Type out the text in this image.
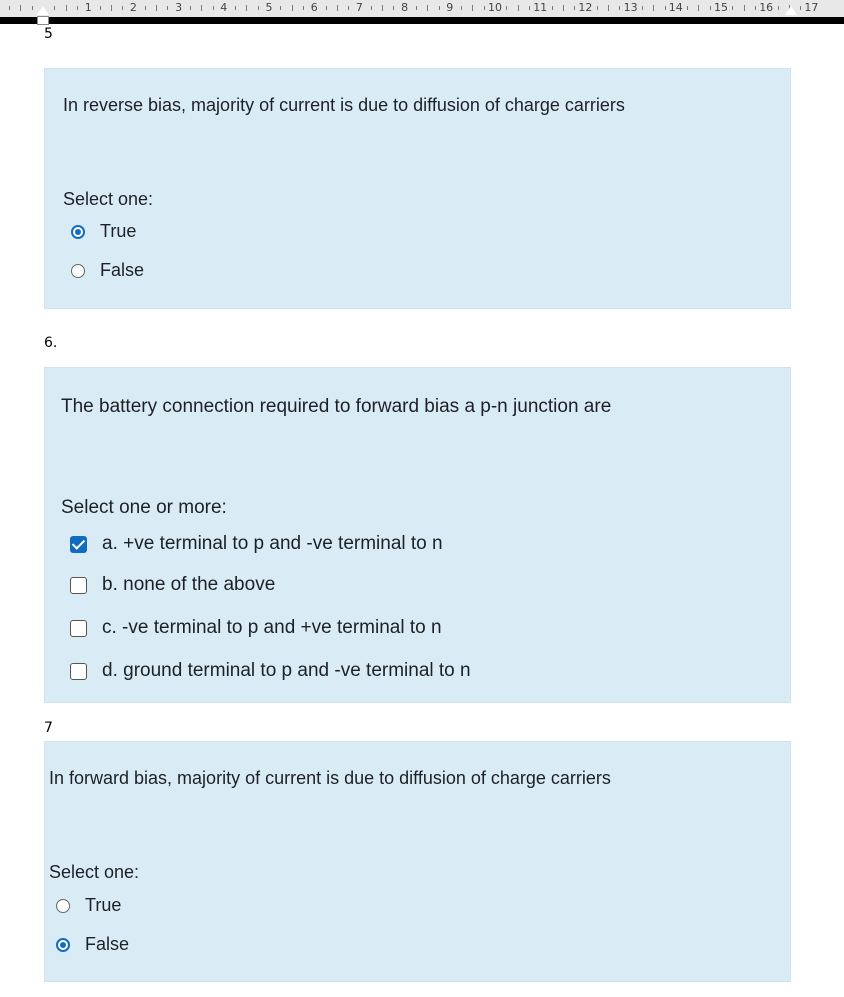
1	2	3	4	5	6	7	8	9	10	11	12	13	14	15	16	17
5
In reverse bias, majority of current is due to diffusion of charge carriers
Select one:
True
False
6.
The battery connection required to forward bias a p-n junction are
Select one or more:
a. +ve terminal to p and -ve terminal to n
b. none of the above
c. -ve terminal to p and +ve terminal to n
d. ground terminal to p and -ve terminal to n
7
In forward bias, majority of current is due to diffusion of charge carriers
Select one:
True
False
